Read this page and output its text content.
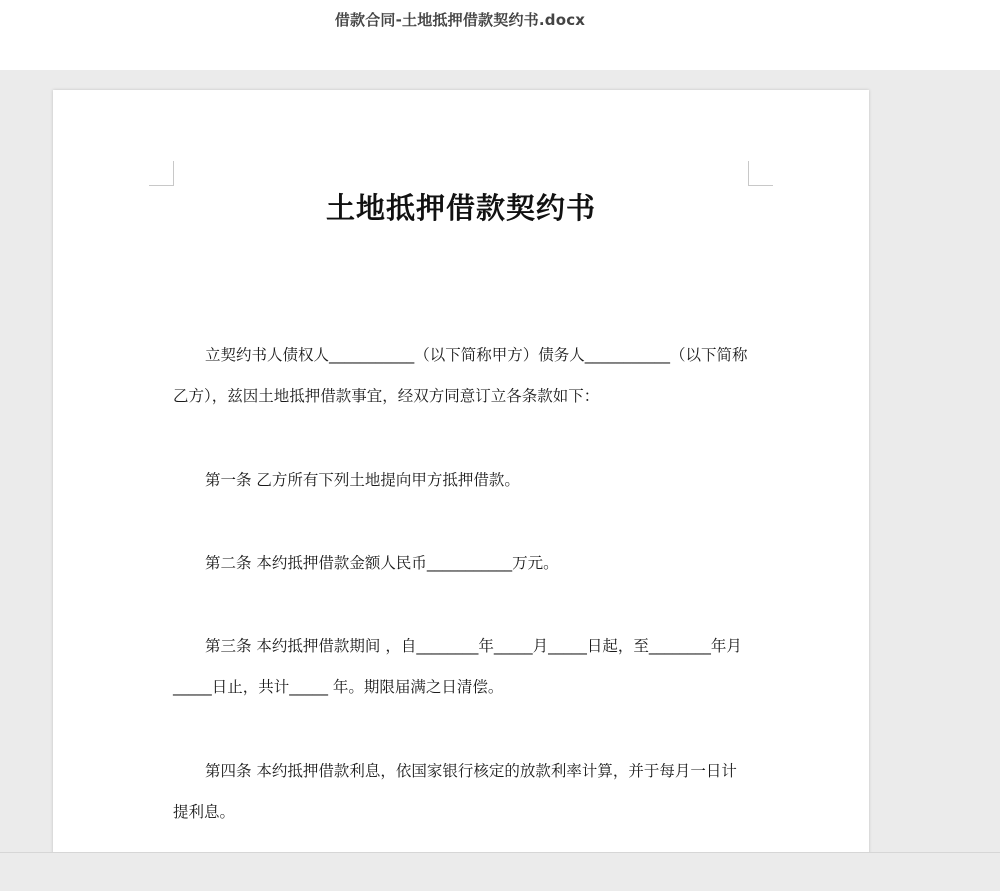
借款合同-土地抵押借款契约书.docx
土地抵押借款契约书

立契约书人债权人___________（以下简称甲方）债务人___________（以下简称乙方），兹因土地抵押借款事宜，经双方同意订立各条款如下：

第一条 乙方所有下列土地提向甲方抵押借款。

第二条 本约抵押借款金额人民币___________万元。

第三条 本约抵押借款期间 ，自________年_____月_____日起，至________年月_____日止，共计_____ 年。期限届满之日清偿。

第四条 本约抵押借款利息，依国家银行核定的放款利率计算，并于每月一日计提利息。
